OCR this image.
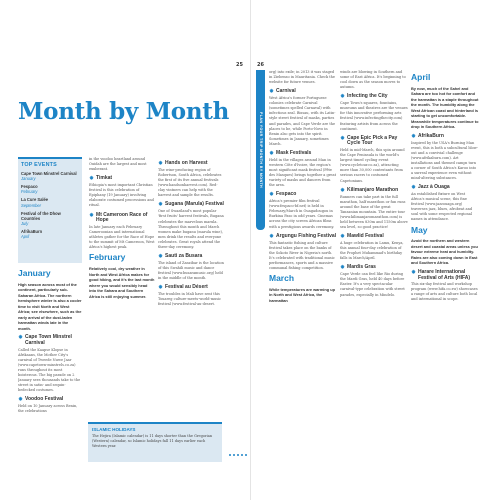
25	26
PLAN YOUR TRIP MONTH BY MONTH
Month by Month
TOP EVENTS
Cape Town Minstrel Carnival
January
Fespaco
February
La Cure Salée
September
Festival of the Dhow Countries
July
AfrikaBurn
April
January
High season across most of the continent, particularly sub-Saharan Africa. The northern hemisphere winter is also a cooler time to visit North and West Africa; see elsewhere, such as the early arrival of the dust-laden harmattan winds late in the month.
✸ Cape Town Minstrel Carnival
Called the Kaapse Klopse in Afrikaans, the Mother City's carnival of Tweede Nuwe Jaar (www.capetown-minstrels.co.za) runs throughout its most boisterous. The big parade on 2 January sees thousands take to the street in satin- and sequin-bedecked costumes.
✸ Voodoo Festival
Held on 10 January across Benin, the celebrations
in the voodoo heartland around Ouidah are the largest and most exuberant.
✸ Timkat
Ethiopia's most important Christian festival is this celebration of Epiphany (19 January) involving elaborate costumed processions and ritual.
✸ Mt Cameroon Race of Hope
In late January each February Cameroonian and international athletes gather for the Race of Hope to the summit of Mt Cameroon, West Africa's highest peak.
February
Relatively cool, dry weather in North and West Africa makes for good hiking, and it's the last month where you would sensibly head into the Sahara and Southern Africa is still enjoying summer.
ISLAMIC HOLIDAYS

The Hejira (Islamic calendar) is 11 days shorter than the Gregorian (Western) calendar, so Islamic holidays fall 11 days earlier each Western year.

✸ Hands on Harvest
The wine-producing region of Robertson, South Africa, celebrates the first of its five annual festivals (www.handsonharvest.com). Red-clay vintners can help with the harvest and sample the results.
✸ Sugana (Marula) Festival
One of Swaziland's most popular 'first fruits' harvest festivals, Bugana celebrates the marvelous marula. Throughout this month and March women make buganu (marula wine), men drink the results and everyone celebrates. Great royals attend the three-day ceremony.
✸ Sauti za Busara
The island of Zanzibar is the location of this Swahili music and dance festival (www.busaramusic.org) held in the middle of the month.
✸ Festival au Désert
The troubles in Mali have sent this Touareg culture-meets-world-music festival (www.festival-au-desert.
org) into exile; in 2013 it was staged in Ziebenso in Mauritania. Check the website for future venues.
✸ Carnival
West Africa's former Portuguese colonies celebrate Carnival (sometimes spelled Carnaval) with infectious zeal. Bissau, with its Latin-style street festival of masks, parties and parades, and Cape Verde are the places to be, while Porto-Novo in Benin also gets into the spirit. Sometimes in January, sometimes March.
✸ Mask Festivals
Held in the villages around Man in western Côte d'Ivoire, the region's most significant mask festival (Fête des Masques) brings together a great variety of masks and dancers from the area.
✸ Fespaco
Africa's premier film festival (www.fespaco-bf.net) is held in February/March in Ouagadougou in Burkina Faso in odd years. Cinemas across the city screen African films with a prestigious awards ceremony.
✸ Argungu Fishing Festival
This fantastic fishing and culture festival takes place on the banks of the Sokoto River in Nigeria's north. It's celebrated with traditional music performances, sports and a massive communal fishing competition.
March
While temperatures are warming up in North and West Africa, the harmattan
winds are blowing in Southern and some of East Africa. It's beginning to cool down as the season moves to autumn.
✸ Infecting the City
Cape Town's squares, fountains, museums and theatres are the venues for this innovative performing arts festival (www.infectingthecity.com) featuring artists from across the continent.
✸ Cape Epic Pick a Pay Cycle Tour
Held in mid-March, this spin around the Cape Peninsula is the world's largest timed cycling event (www.cycletour.co.za), attracting more than 30,000 contestants from serious racers to costumed Capetonians.
✸ Kilimanjaro Marathon
Runners can take part in the full marathon, half marathon or fun runs around the base of the great Tanzanian mountain. The entire tour (www.kilimanjaromarathon.com) is held between 830m and 1150m above sea level, so good practice!
✸ Mawlid Festival
A huge celebration in Lamu, Kenya, this annual four-day celebration of the Prophet Muhammad's birthday falls in March/April.
✸ Mardis Gras
Cape Verde can feel like Rio during the Mardi Gras, held 40 days before Easter. It's a very spectacular carnival-type celebration with street parades, especially in Mindelo.
April
By now, much of the Sahel and Sahara are too hot for comfort and the harmattan is a staple throughout the month. The humidity along the West African coast and hinterland is starting to get uncomfortable. Meanwhile temperatures continue to drop in Southern Africa.
✸ AfrikaBurn
Inspired by the USA's Burning Man event, this is both a subcultural blow-out and a convivial challenge (www.afrikaburn.com). Art installations and themed camps turn a corner of South Africa's Karoo into a surreal experience even without mind-altering substances.
✸ Jazz à Ouaga
An established fixture on West Africa's musical scene, this fine festival (www.jazzouaga.org) traverses jazz, blues, afrobeat and soul with some respected regional names in attendance.
May
Avoid the northern and western desert and coastal areas unless you favour extreme heat and humidity. Rains are also coming down in East and Southern Africa.
✸ Harare International Festival of Arts (HIFA)
This six-day festival and workshop program (www.hifa.co.zw) showcases a range of arts and culture both local and international in scope.
